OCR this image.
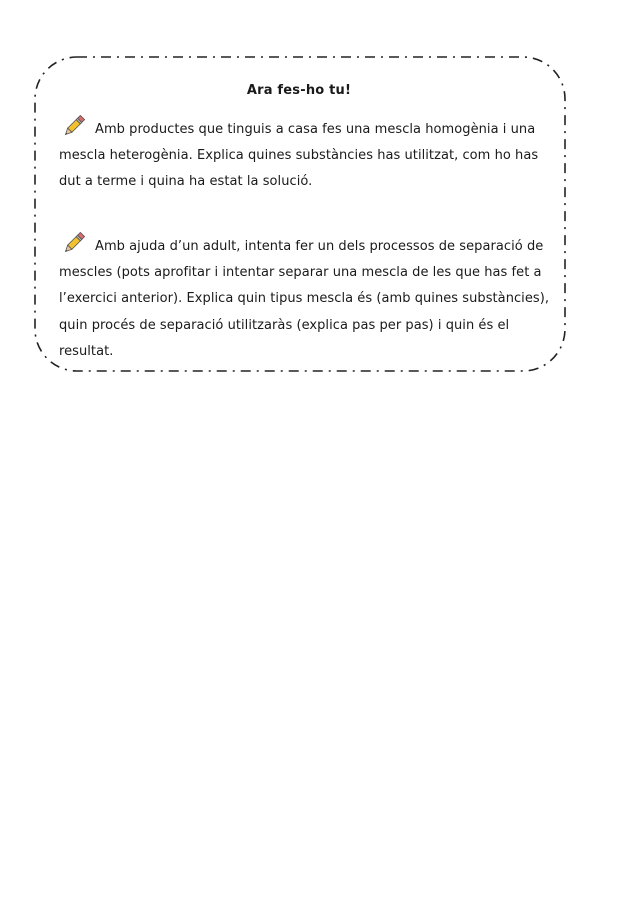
Ara fes-ho tu!
Amb productes que tinguis a casa fes una mescla homogènia i una
mescla heterogènia. Explica quines substàncies has utilitzat, com ho has
dut a terme i quina ha estat la solució.
Amb ajuda d’un adult, intenta fer un dels processos de separació de
mescles (pots aprofitar i intentar separar una mescla de les que has fet a
l’exercici anterior). Explica quin tipus mescla és (amb quines substàncies),
quin procés de separació utilitzaràs (explica pas per pas) i quin és el
resultat.
